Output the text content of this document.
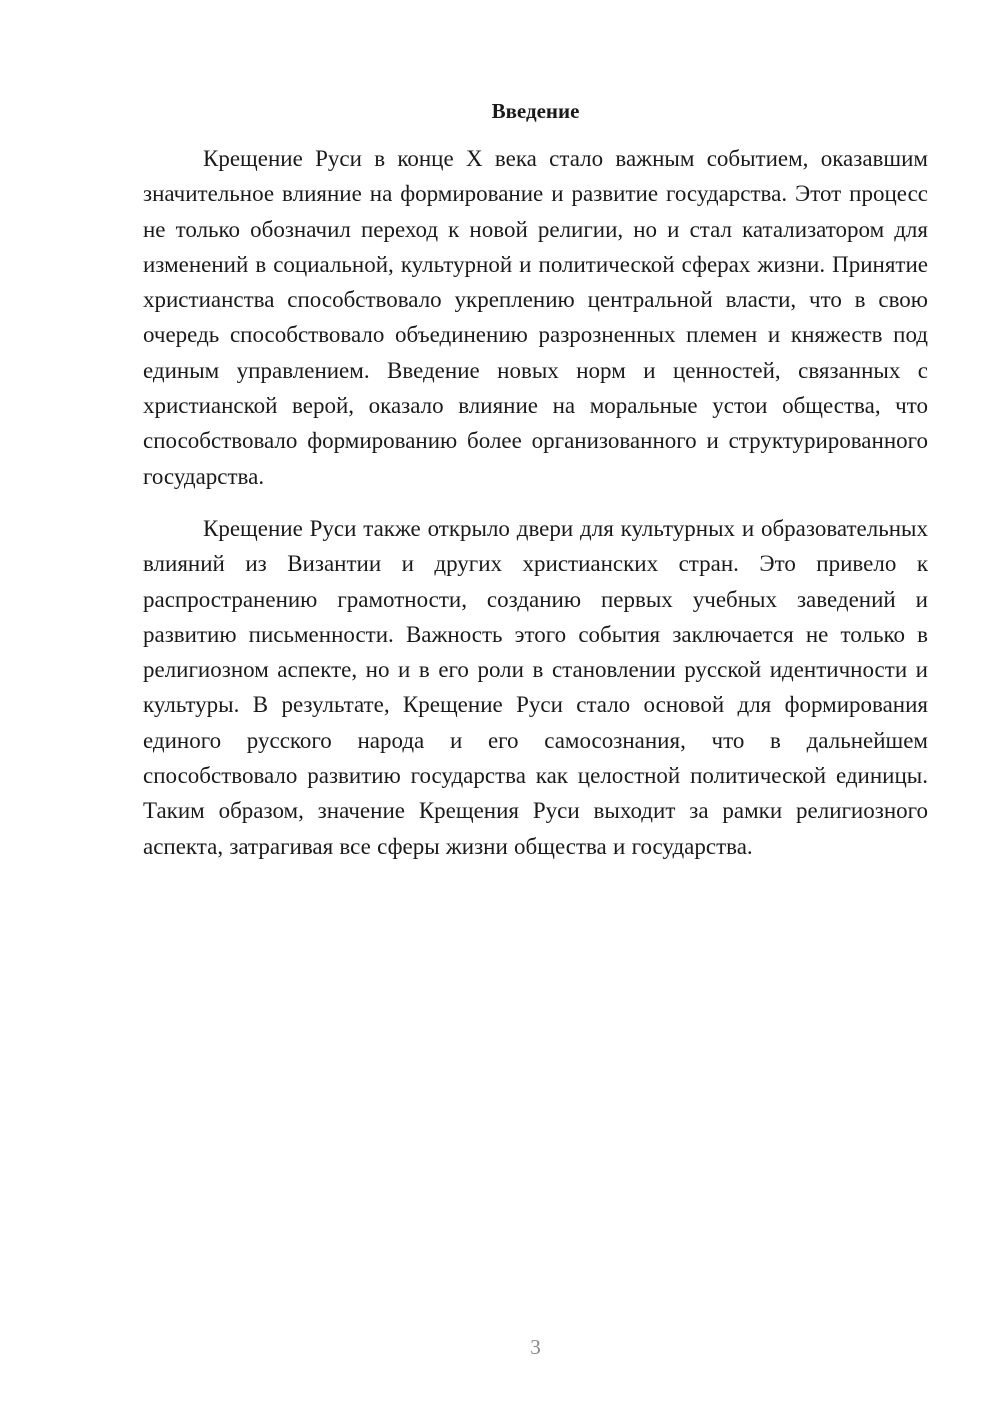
Введение

Крещение Руси в конце X века стало важным событием, оказавшим значительное влияние на формирование и развитие государства. Этот процесс не только обозначил переход к новой религии, но и стал катализатором для изменений в социальной, культурной и политической сферах жизни. Принятие христианства способствовало укреплению центральной власти, что в свою очередь способствовало объединению разрозненных племен и княжеств под единым управлением. Введение новых норм и ценностей, связанных с христианской верой, оказало влияние на моральные устои общества, что способствовало формированию более организованного и структурированного государства.

Крещение Руси также открыло двери для культурных и образовательных влияний из Византии и других христианских стран. Это привело к распространению грамотности, созданию первых учебных заведений и развитию письменности. Важность этого события заключается не только в религиозном аспекте, но и в его роли в становлении русской идентичности и культуры. В результате, Крещение Руси стало основой для формирования единого русского народа и его самосознания, что в дальнейшем способствовало развитию государства как целостной политической единицы. Таким образом, значение Крещения Руси выходит за рамки религиозного аспекта, затрагивая все сферы жизни общества и государства.

3
